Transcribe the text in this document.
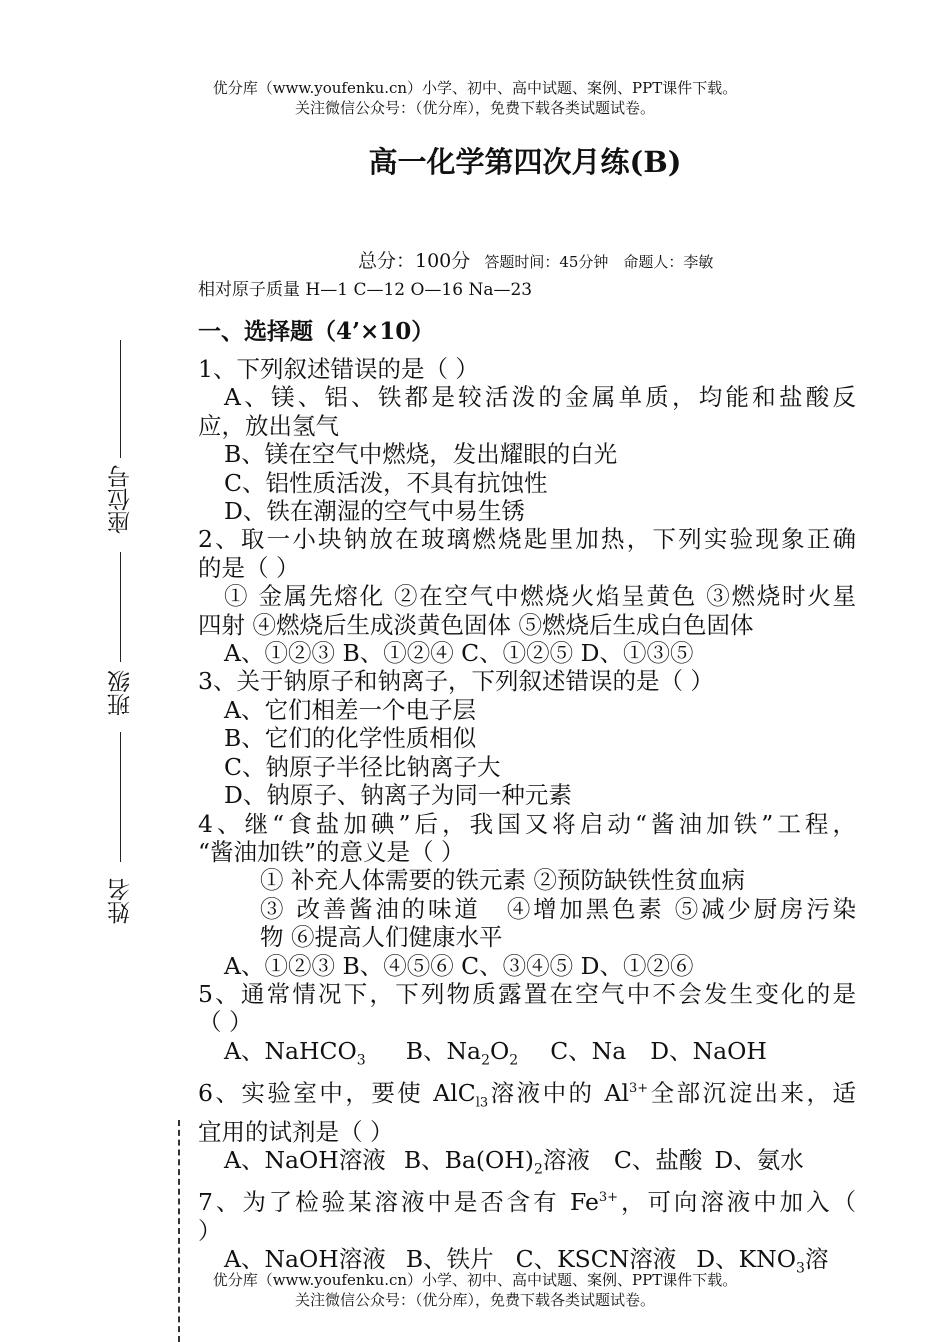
优分库（www.youfenku.cn）小学、初中、高中试题、案例、PPT课件下载。
关注微信公众号：（优分库），免费下载各类试题试卷。
高一化学第四次月练(B)
总分：100分 答题时间：45分钟　命题人：李敏
相对原子质量 H—1 C—12 O—16 Na—23
一、选择题（4’×10）
座位号
班级
姓名

1、下列叙述错误的是（ ）

A、镁、铝、铁都是较活泼的金属单质，均能和盐酸反

应，放出氢气

B、镁在空气中燃烧，发出耀眼的白光

C、铝性质活泼，不具有抗蚀性

D、铁在潮湿的空气中易生锈

2、取一小块钠放在玻璃燃烧匙里加热，下列实验现象正确

的是（ ）

① 金属先熔化 ②在空气中燃烧火焰呈黄色 ③燃烧时火星

四射 ④燃烧后生成淡黄色固体 ⑤燃烧后生成白色固体

A、①②③ B、①②④ C、①②⑤ D、①③⑤

3、关于钠原子和钠离子，下列叙述错误的是（ ）

A、它们相差一个电子层

B、它们的化学性质相似

C、钠原子半径比钠离子大

D、钠原子、钠离子为同一种元素

4、继“食盐加碘”后，我国又将启动“酱油加铁”工程，

“酱油加铁”的意义是（ ）

① 补充人体需要的铁元素 ②预防缺铁性贫血病

③ 改善酱油的味道　④增加黑色素 ⑤减少厨房污染

物 ⑥提高人们健康水平

A、①②③ B、④⑤⑥ C、③④⑤ D、①②⑥

5、通常情况下，下列物质露置在空气中不会发生变化的是

（ ）

A、NaHCO$_3$ B、$Na_2O_2$ C、Na D、NaOH

6、实验室中，要使 AlC$_{l3}$溶液中的 $Al^{3+}$全部沉淀出来，适

宜用的试剂是（ ）

A、NaOH溶液 B、$Ba(OH)_2$溶液 C、盐酸 D、氨水

7、为了检验某溶液中是否含有 $Fe^{3+}$，可向溶液中加入（

）

A、NaOH溶液 B、铁片 C、KSCN溶液 D、$KNO_3$溶

优分库（www.youfenku.cn）小学、初中、高中试题、案例、PPT课件下载。
关注微信公众号：（优分库），免费下载各类试题试卷。
